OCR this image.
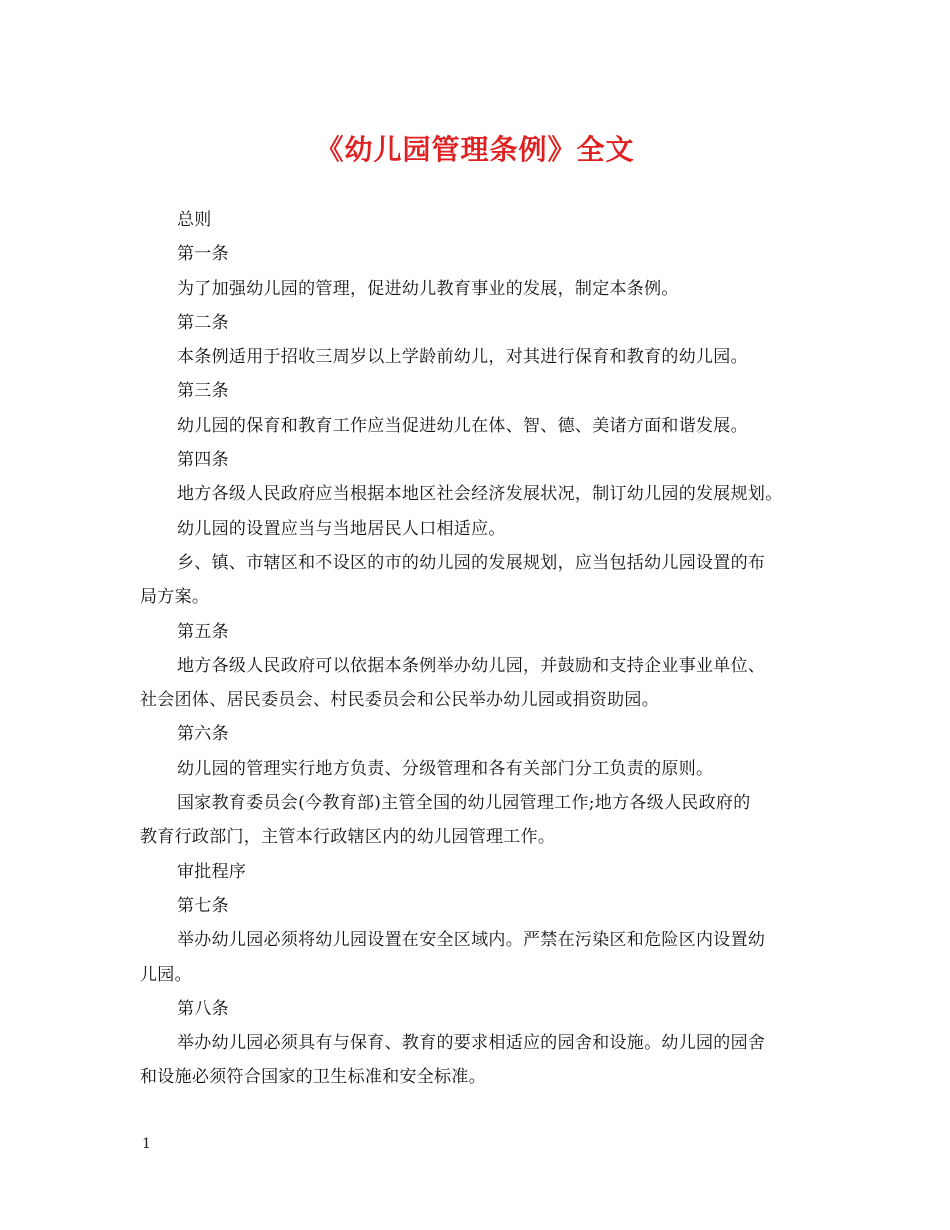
《幼儿园管理条例》全文
总则
第一条
为了加强幼儿园的管理，促进幼儿教育事业的发展，制定本条例。
第二条
本条例适用于招收三周岁以上学龄前幼儿，对其进行保育和教育的幼儿园。
第三条
幼儿园的保育和教育工作应当促进幼儿在体、智、德、美诸方面和谐发展。
第四条
地方各级人民政府应当根据本地区社会经济发展状况，制订幼儿园的发展规划。
幼儿园的设置应当与当地居民人口相适应。
乡、镇、市辖区和不设区的市的幼儿园的发展规划，应当包括幼儿园设置的布
局方案。
第五条
地方各级人民政府可以依据本条例举办幼儿园，并鼓励和支持企业事业单位、
社会团体、居民委员会、村民委员会和公民举办幼儿园或捐资助园。
第六条
幼儿园的管理实行地方负责、分级管理和各有关部门分工负责的原则。
国家教育委员会(今教育部)主管全国的幼儿园管理工作;地方各级人民政府的
教育行政部门，主管本行政辖区内的幼儿园管理工作。
审批程序
第七条
举办幼儿园必须将幼儿园设置在安全区域内。严禁在污染区和危险区内设置幼
儿园。
第八条
举办幼儿园必须具有与保育、教育的要求相适应的园舍和设施。幼儿园的园舍
和设施必须符合国家的卫生标准和安全标准。
1
